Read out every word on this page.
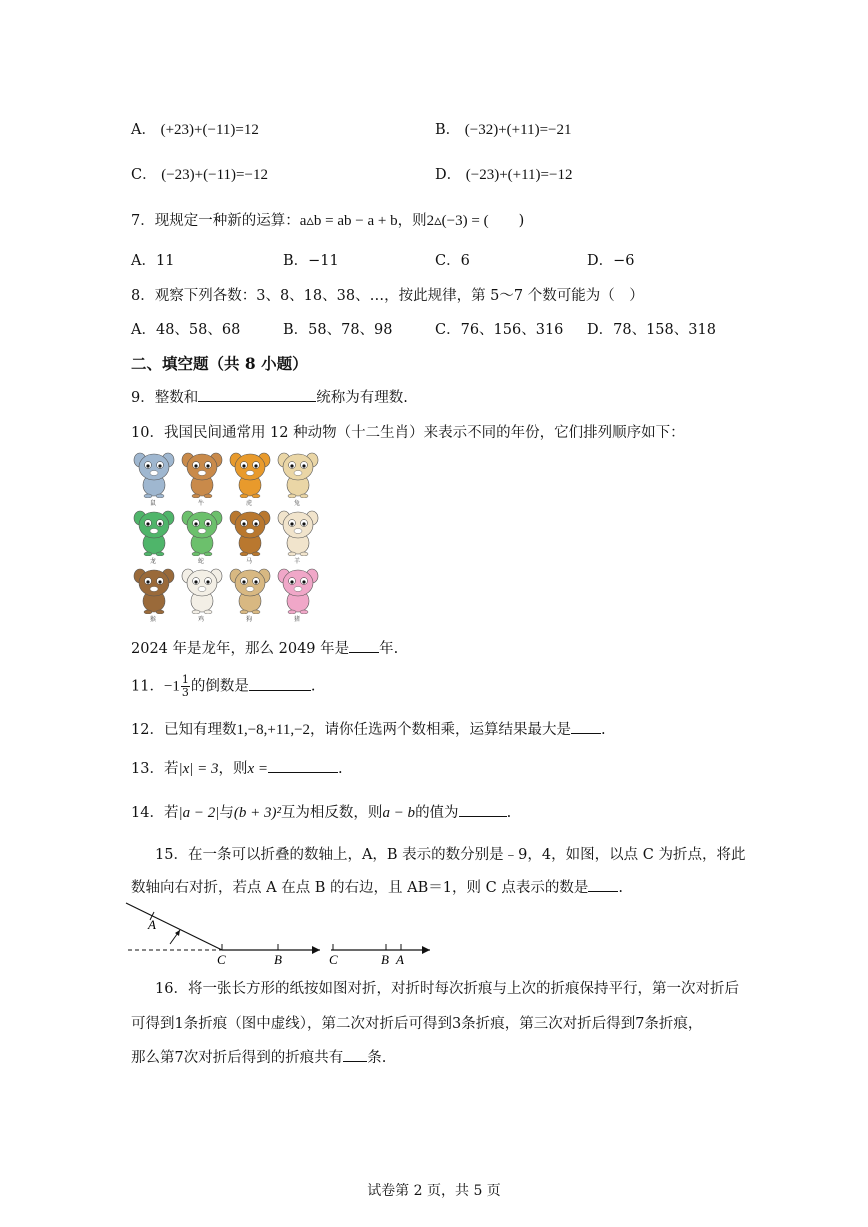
A． (+23)+(−11)=12	B． (−32)+(+11)=−21
C． (−23)+(−11)=−12	D． (−23)+(+11)=−12
7．现规定一种新的运算：a▵b = ab − a + b，则2▵(−3) = ( )
A．11	B．−11	C．6	D．−6
8．观察下列各数：3、8、18、38、…，按此规律，第 5～7 个数可能为（　）
A．48、58、68	B．58、78、98	C．76、156、316 D．78、158、318
二、填空题（共 8 小题）
9．整数和	统称为有理数.
10．我国民间通常用 12 种动物（十二生肖）来表示不同的年份，它们排列顺序如下：
鼠	牛	虎	兔
龙	蛇	马	羊
猴	鸡	狗	猪
2024 年是龙年，那么 2049 年是 年.
11．$-1 \frac{1}{3}$ 的倒数是	.
12．已知有理数1,−8,+11,−2，请你任选两个数相乘，运算结果最大是 .
13．若|x| = 3，则x =	.
14．若|a − 2|与(b + 3)²互为相反数，则a − b的值为	.
15．在一条可以折叠的数轴上，A，B 表示的数分别是﹣9，4，如图，以点 C 为折点，将此
数轴向右对折，若点 A 在点 B 的右边，且 AB＝1，则 C 点表示的数是 .
A
C	B	C	B A
16．将一张长方形的纸按如图对折，对折时每次折痕与上次的折痕保持平行，第一次对折后
可得到1条折痕（图中虚线），第二次对折后可得到3条折痕，第三次对折后得到7条折痕，
那么第7次对折后得到的折痕共有 条.
试卷第 2 页，共 5 页
